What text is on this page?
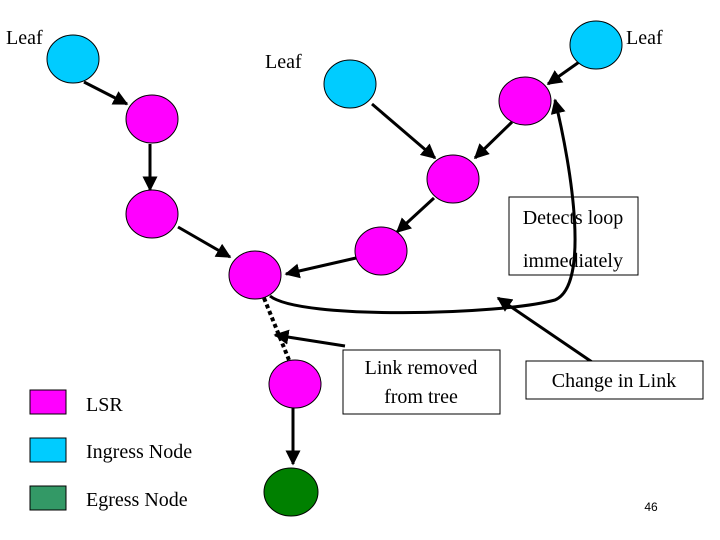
Leaf
Leaf
Leaf
Detects loop
immediately
Link removed
from tree
Change in Link
LSR
Ingress Node
Egress Node	46
